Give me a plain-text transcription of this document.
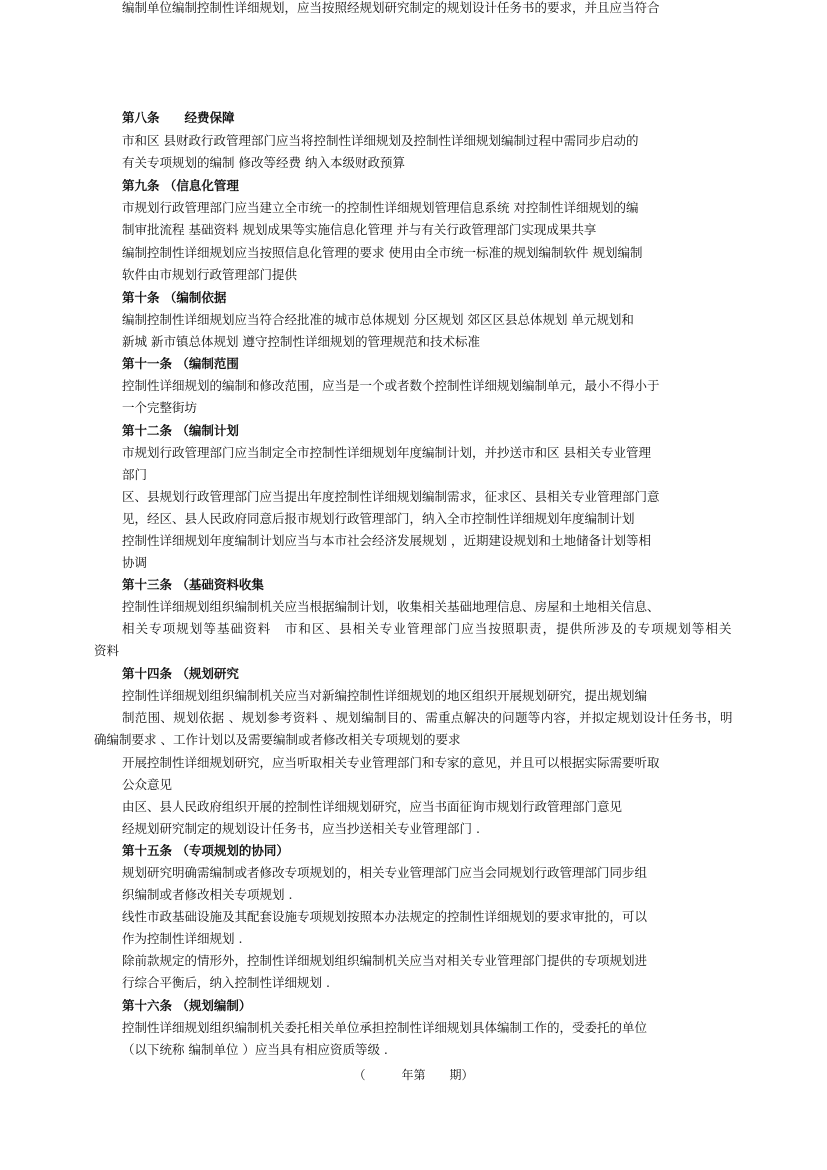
第八条　　经费保障
市和区 县财政行政管理部门应当将控制性详细规划及控制性详细规划编制过程中需同步启动的
有关专项规划的编制 修改等经费 纳入本级财政预算
第九条 （信息化管理
市规划行政管理部门应当建立全市统一的控制性详细规划管理信息系统 对控制性详细规划的编
制审批流程 基础资料 规划成果等实施信息化管理 并与有关行政管理部门实现成果共享
编制控制性详细规划应当按照信息化管理的要求 使用由全市统一标准的规划编制软件 规划编制
软件由市规划行政管理部门提供
第十条 （编制依据
编制控制性详细规划应当符合经批准的城市总体规划 分区规划 郊区区县总体规划 单元规划和
新城 新市镇总体规划 遵守控制性详细规划的管理规范和技术标准
第十一条 （编制范围
控制性详细规划的编制和修改范围，应当是一个或者数个控制性详细规划编制单元，最小不得小于
一个完整街坊
第十二条 （编制计划
市规划行政管理部门应当制定全市控制性详细规划年度编制计划，并抄送市和区 县相关专业管理
部门
区、县规划行政管理部门应当提出年度控制性详细规划编制需求，征求区、县相关专业管理部门意
见，经区、县人民政府同意后报市规划行政管理部门，纳入全市控制性详细规划年度编制计划
控制性详细规划年度编制计划应当与本市社会经济发展规划 ，近期建设规划和土地储备计划等相
协调
第十三条 （基础资料收集
控制性详细规划组织编制机关应当根据编制计划，收集相关基础地理信息、房屋和土地相关信息、
相关专项规划等基础资料　市和区、县相关专业管理部门应当按照职责，提供所涉及的专项规划等相关
资料
第十四条 （规划研究
控制性详细规划组织编制机关应当对新编控制性详细规划的地区组织开展规划研究，提出规划编
制范围、规划依据 、规划参考资料 、规划编制目的、需重点解决的问题等内容，并拟定规划设计任务书，明
确编制要求 、工作计划以及需要编制或者修改相关专项规划的要求
开展控制性详细规划研究，应当听取相关专业管理部门和专家的意见，并且可以根据实际需要听取
公众意见
由区、县人民政府组织开展的控制性详细规划研究，应当书面征询市规划行政管理部门意见
经规划研究制定的规划设计任务书，应当抄送相关专业管理部门 .
第十五条 （专项规划的协同）
规划研究明确需编制或者修改专项规划的，相关专业管理部门应当会同规划行政管理部门同步组
织编制或者修改相关专项规划 .
线性市政基础设施及其配套设施专项规划按照本办法规定的控制性详细规划的要求审批的，可以
作为控制性详细规划 .
除前款规定的情形外，控制性详细规划组织编制机关应当对相关专业管理部门提供的专项规划进
行综合平衡后，纳入控制性详细规划 .
第十六条 （规划编制）
控制性详细规划组织编制机关委托相关单位承担控制性详细规划具体编制工作的，受委托的单位
（以下统称 编制单位 ）应当具有相应资质等级 .
编制单位编制控制性详细规划，应当按照经规划研究制定的规划设计任务书的要求，并且应当符合
（　　　年第　　期）
